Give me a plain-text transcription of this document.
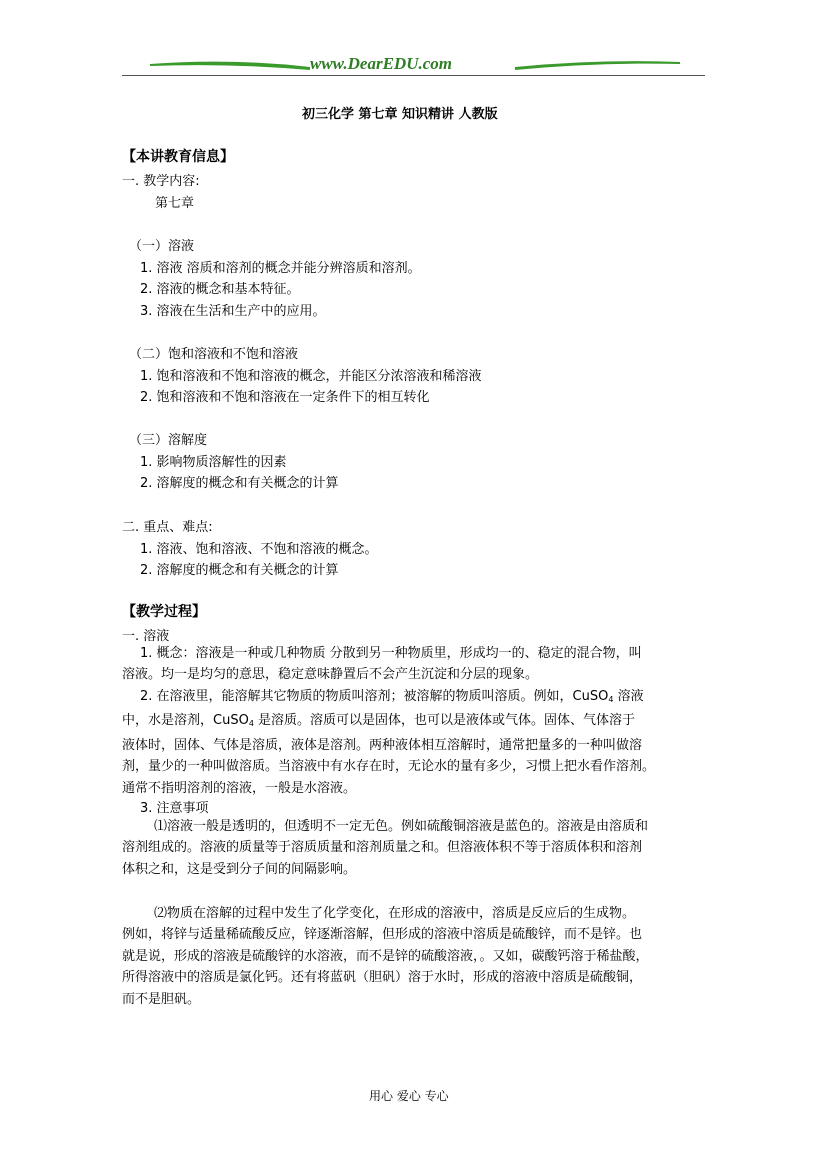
www.DearEDU.com
初三化学 第七章 知识精讲 人教版
【本讲教育信息】
一. 教学内容:
第七章
（一）溶液
1. 溶液 溶质和溶剂的概念并能分辨溶质和溶剂。
2. 溶液的概念和基本特征。
3. 溶液在生活和生产中的应用。
（二）饱和溶液和不饱和溶液
1. 饱和溶液和不饱和溶液的概念，并能区分浓溶液和稀溶液
2. 饱和溶液和不饱和溶液在一定条件下的相互转化
（三）溶解度
1. 影响物质溶解性的因素
2. 溶解度的概念和有关概念的计算
二. 重点、难点:
1. 溶液、饱和溶液、不饱和溶液的概念。
2. 溶解度的概念和有关概念的计算
【教学过程】
一. 溶液
1. 概念：溶液是一种或几种物质 分散到另一种物质里，形成均一的、稳定的混合物，叫
溶液。均一是均匀的意思，稳定意味静置后不会产生沉淀和分层的现象。
2. 在溶液里，能溶解其它物质的物质叫溶剂；被溶解的物质叫溶质。例如，CuSO$_4$ 溶液
中，水是溶剂，CuSO$_4$ 是溶质。溶质可以是固体，也可以是液体或气体。固体、气体溶于
液体时，固体、气体是溶质，液体是溶剂。两种液体相互溶解时，通常把量多的一种叫做溶
剂，量少的一种叫做溶质。当溶液中有水存在时，无论水的量有多少，习惯上把水看作溶剂。
通常不指明溶剂的溶液，一般是水溶液。
3. 注意事项
⑴溶液一般是透明的，但透明不一定无色。例如硫酸铜溶液是蓝色的。溶液是由溶质和
溶剂组成的。溶液的质量等于溶质质量和溶剂质量之和。但溶液体积不等于溶质体积和溶剂
体积之和，这是受到分子间的间隔影响。
⑵物质在溶解的过程中发生了化学变化，在形成的溶液中，溶质是反应后的生成物。
例如，将锌与适量稀硫酸反应，锌逐渐溶解，但形成的溶液中溶质是硫酸锌，而不是锌。也
就是说，形成的溶液是硫酸锌的水溶液，而不是锌的硫酸溶液，。又如，碳酸钙溶于稀盐酸，
所得溶液中的溶质是氯化钙。还有将蓝矾（胆矾）溶于水时，形成的溶液中溶质是硫酸铜，
而不是胆矾。
用心 爱心 专心
